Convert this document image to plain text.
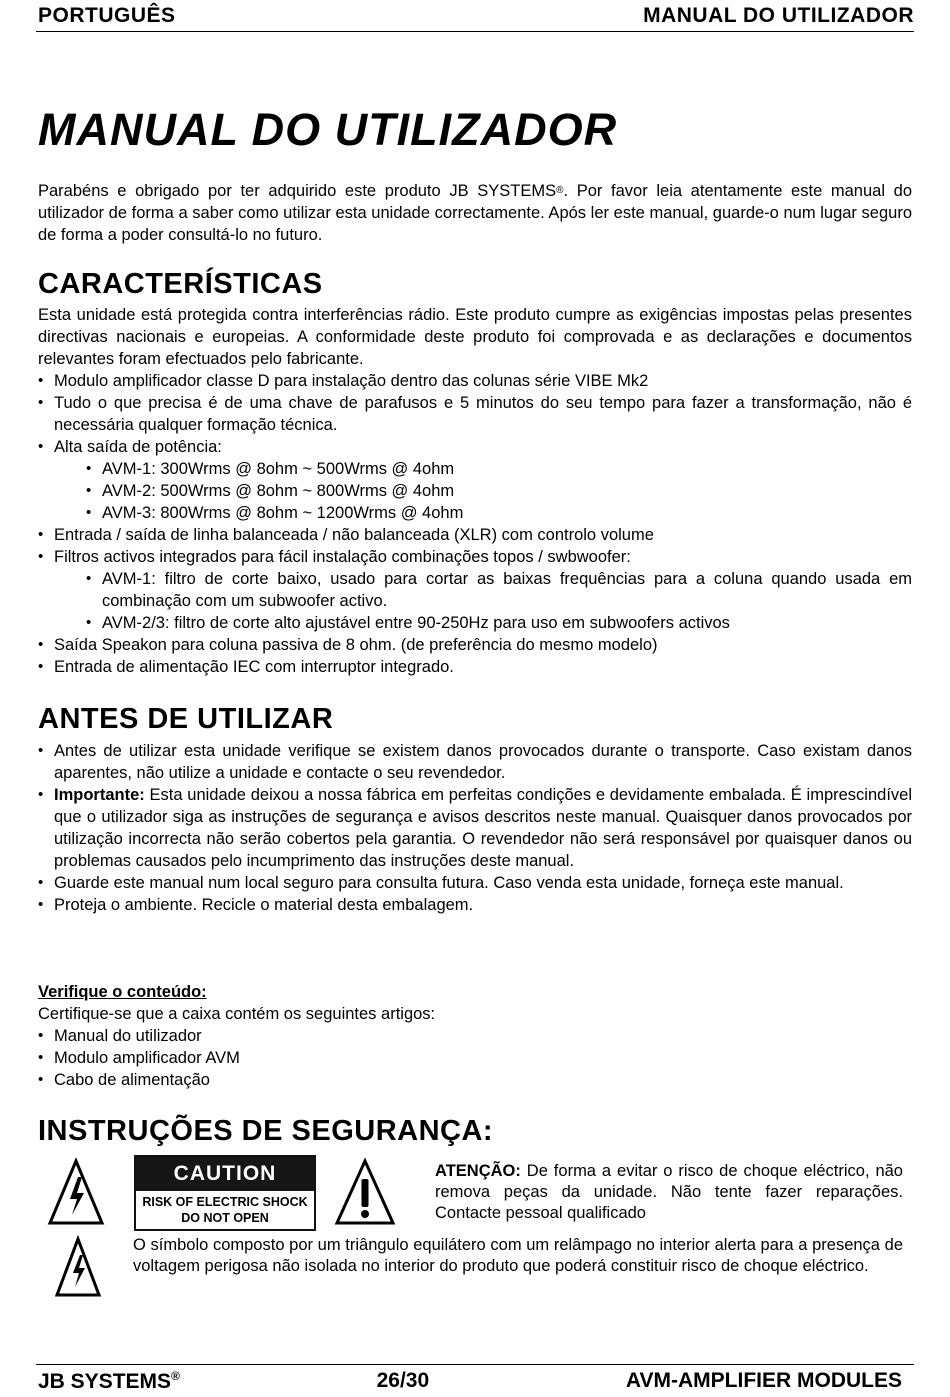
PORTUGUÊS	MANUAL DO UTILIZADOR
MANUAL DO UTILIZADOR
Parabéns e obrigado por ter adquirido este produto JB SYSTEMS®. Por favor leia atentamente este manual do utilizador de forma a saber como utilizar esta unidade correctamente. Após ler este manual, guarde-o num lugar seguro de forma a poder consultá-lo no futuro.
CARACTERÍSTICAS
Esta unidade está protegida contra interferências rádio. Este produto cumpre as exigências impostas pelas presentes directivas nacionais e europeias. A conformidade deste produto foi comprovada e as declarações e documentos relevantes foram efectuados pelo fabricante.
• Modulo amplificador classe D para instalação dentro das colunas série VIBE Mk2
• Tudo o que precisa é de uma chave de parafusos e 5 minutos do seu tempo para fazer a transformação, não é necessária qualquer formação técnica.
• Alta saída de potência:
• AVM-1: 300Wrms @ 8ohm ~ 500Wrms @ 4ohm
• AVM-2: 500Wrms @ 8ohm ~ 800Wrms @ 4ohm
• AVM-3: 800Wrms @ 8ohm ~ 1200Wrms @ 4ohm
• Entrada / saída de linha balanceada / não balanceada (XLR) com controlo volume
• Filtros activos integrados para fácil instalação combinações topos / swbwoofer:
• AVM-1: filtro de corte baixo, usado para cortar as baixas frequências para a coluna quando usada em combinação com um subwoofer activo.
• AVM-2/3: filtro de corte alto ajustável entre 90-250Hz para uso em subwoofers activos
• Saída Speakon para coluna passiva de 8 ohm. (de preferência do mesmo modelo)
• Entrada de alimentação IEC com interruptor integrado.
ANTES DE UTILIZAR
• Antes de utilizar esta unidade verifique se existem danos provocados durante o transporte. Caso existam danos aparentes, não utilize a unidade e contacte o seu revendedor.
• Importante: Esta unidade deixou a nossa fábrica em perfeitas condições e devidamente embalada. É imprescindível que o utilizador siga as instruções de segurança e avisos descritos neste manual. Quaisquer danos provocados por utilização incorrecta não serão cobertos pela garantia. O revendedor não será responsável por quaisquer danos ou problemas causados pelo incumprimento das instruções deste manual.
• Guarde este manual num local seguro para consulta futura. Caso venda esta unidade, forneça este manual.
• Proteja o ambiente. Recicle o material desta embalagem.
Verifique o conteúdo:
Certifique-se que a caixa contém os seguintes artigos:
• Manual do utilizador
• Modulo amplificador AVM
• Cabo de alimentação
INSTRUÇÕES DE SEGURANÇA:
CAUTION
RISK OF ELECTRIC SHOCK
DO NOT OPEN
ATENÇÃO: De forma a evitar o risco de choque eléctrico, não remova peças da unidade. Não tente fazer reparações. Contacte pessoal qualificado
O símbolo composto por um triângulo equilátero com um relâmpago no interior alerta para a presença de voltagem perigosa não isolada no interior do produto que poderá constituir risco de choque eléctrico.
JB SYSTEMS®	26/30	AVM-AMPLIFIER MODULES
